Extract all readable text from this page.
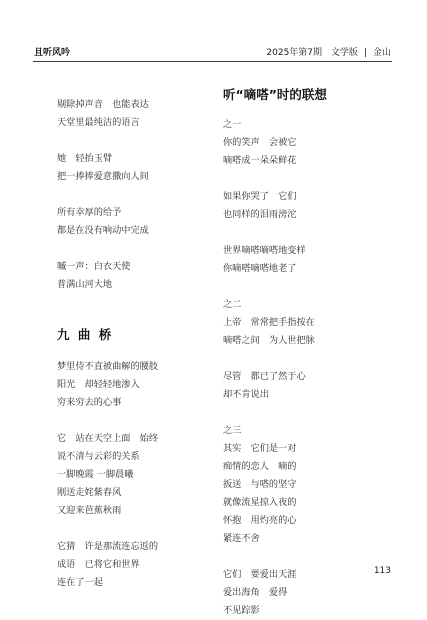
且听风吟	2025年第7期 文学版 | 金山
剔除掉声音　也能表达
天堂里最纯洁的语言
她　轻抬玉臂
把一捧捧爱意撒向人间
所有幸厚的给予
都是在没有响动中完成
嘁一声：白衣天使
普满山河大地
九 曲 桥
梦里侍不直被曲解的腰肢
阳光　却轻轻地渗入
穷来穷去的心事
它　站在天空上面　始终
说不清与云彩的关系
一脚晚霞 一脚晨曦
刚送走姹紫春风
又迎来芭蕉秋雨
它猜　许是那流连忘返的
成语　已将它和世界
连在了一起
听“嘀嗒”时的联想
之一
你的笑声　会被它
嘀嗒成一朵朵鲜花
如果你哭了　它们
也同样的泪雨滂沱
世界嘀嗒嘀嗒地变样
你嘀嗒嘀嗒地老了
之二
上帝　常常把手指按在
嘀嗒之间　为人世把脉
尽管　都已了然于心
却不肯说出
之三
其实　它们是一对
痴情的恋人　嘀的
扳送　与嗒的坚守
就像流星掠入夜的
怀抱　用灼亮的心
紧连不舍
它们　要爱出天涯
爱出海角　爱得
不见踪影
113
